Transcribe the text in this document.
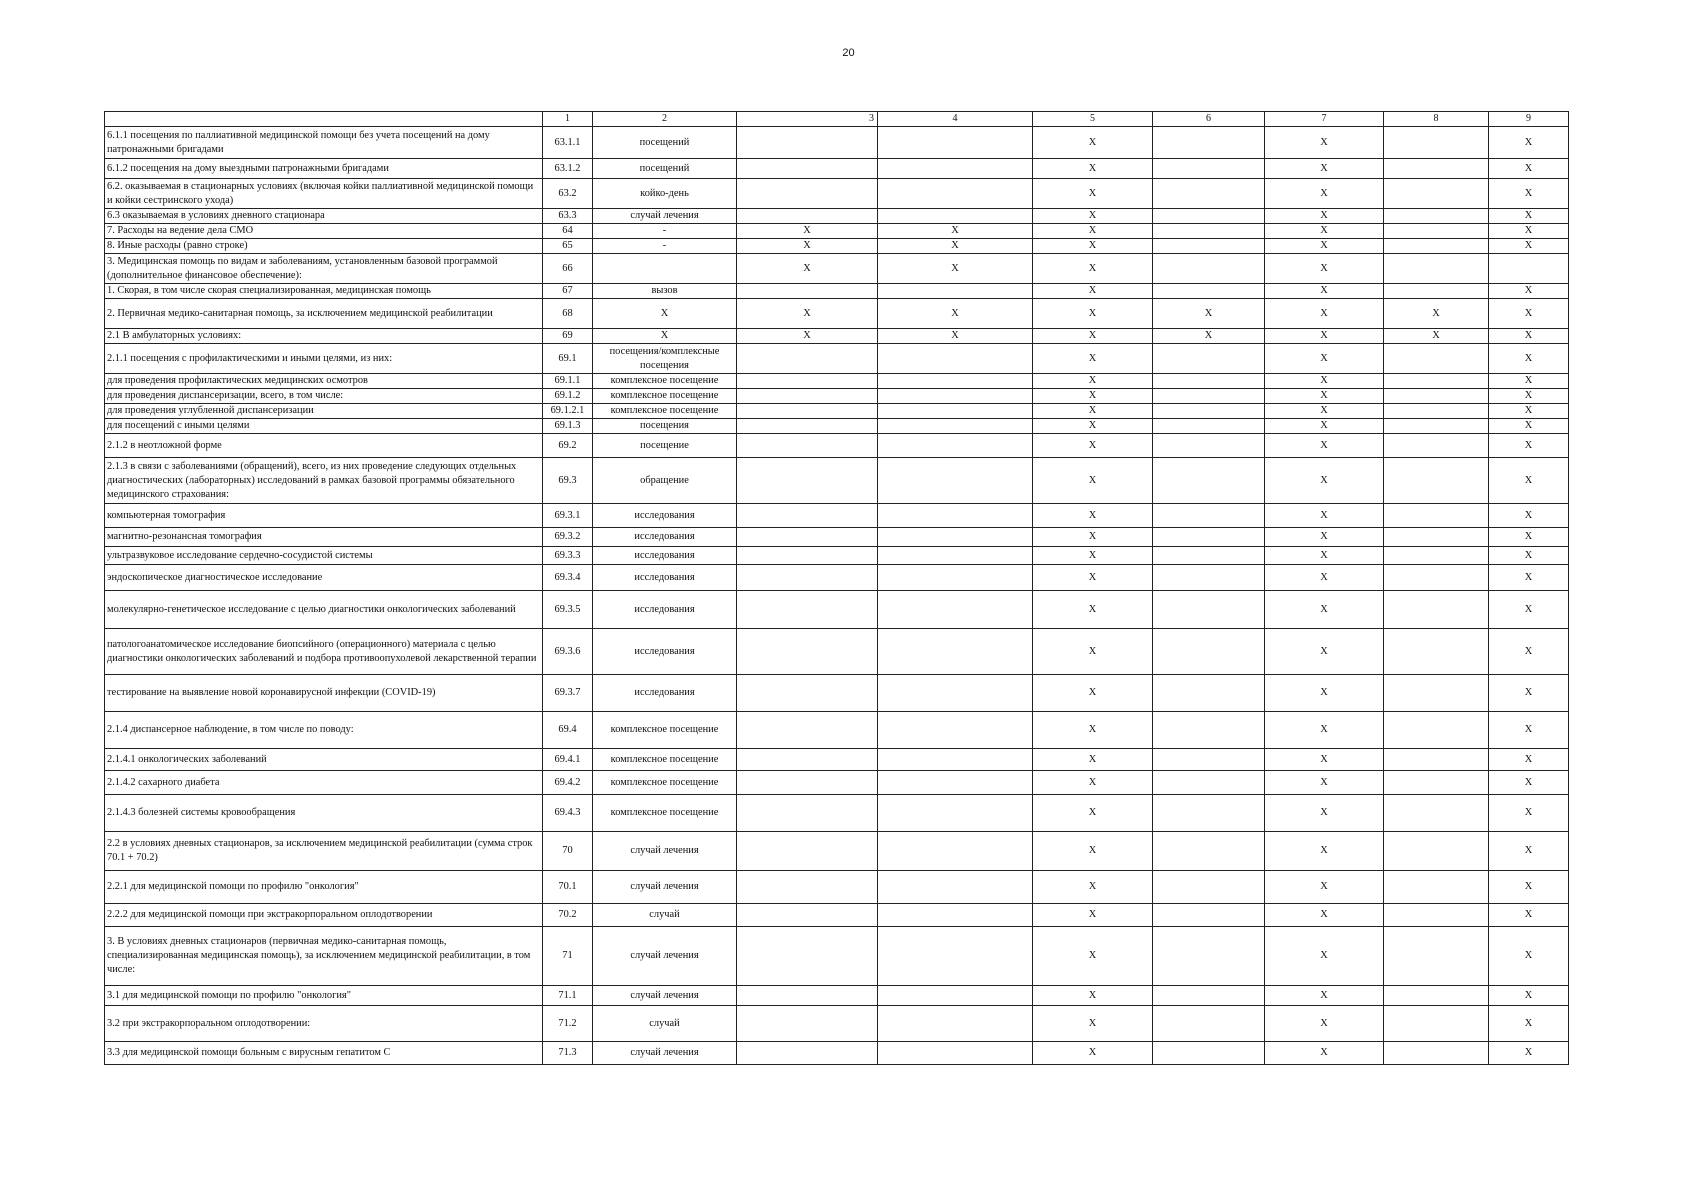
20
	1	2	3	4	5	6	7	8	9
6.1.1 посещения по паллиативной медицинской помощи без учета посещений на дому патронажными бригадами	63.1.1	посещений			X		X		X
6.1.2 посещения на дому выездными патронажными бригадами	63.1.2	посещений			X		X		X
6.2. оказываемая в стационарных условиях (включая койки паллиативной медицинской помощи и койки сестринского ухода)	63.2	койко-день			X		X		X
6.3 оказываемая в условиях дневного стационара	63.3	случай лечения			X		X		X
7. Расходы на ведение дела СМО	64	-	X	X	X		X		X
8. Иные расходы (равно строке)	65	-	X	X	X		X		X
3. Медицинская помощь по видам и заболеваниям, установленным базовой программой (дополнительное финансовое обеспечение):	66		X	X	X		X		
1. Скорая, в том числе скорая специализированная, медицинская помощь	67	вызов			X		X		X
2. Первичная медико-санитарная помощь, за исключением медицинской реабилитации	68	X	X	X	X	X	X	X	X
2.1 В амбулаторных условиях:	69	X	X	X	X	X	X	X	X
2.1.1 посещения с профилактическими и иными целями, из них:	69.1	посещения/комплексные посещения			X		X		X
для проведения профилактических медицинских осмотров	69.1.1	комплексное посещение			X		X		X
для проведения диспансеризации, всего, в том числе:	69.1.2	комплексное посещение			X		X		X
для проведения углубленной диспансеризации	69.1.2.1	комплексное посещение			X		X		X
для посещений с иными целями	69.1.3	посещения			X		X		X
2.1.2 в неотложной форме	69.2	посещение			X		X		X
2.1.3 в связи с заболеваниями (обращений), всего, из них проведение следующих отдельных диагностических (лабораторных) исследований в рамках базовой программы обязательного медицинского страхования:	69.3	обращение			X		X		X
компьютерная томография	69.3.1	исследования			X		X		X
магнитно-резонансная томография	69.3.2	исследования			X		X		X
ультразвуковое исследование сердечно-сосудистой системы	69.3.3	исследования			X		X		X
эндоскопическое диагностическое исследование	69.3.4	исследования			X		X		X
молекулярно-генетическое исследование с целью диагностики онкологических заболеваний	69.3.5	исследования			X		X		X
патологоанатомическое исследование биопсийного (операционного) материала с целью диагностики онкологических заболеваний и подбора противоопухолевой лекарственной терапии	69.3.6	исследования			X		X		X
тестирование на выявление новой коронавирусной инфекции (COVID-19)	69.3.7	исследования			X		X		X
2.1.4 диспансерное наблюдение, в том числе по поводу:	69.4	комплексное посещение			X		X		X
2.1.4.1 онкологических заболеваний	69.4.1	комплексное посещение			X		X		X
2.1.4.2 сахарного диабета	69.4.2	комплексное посещение			X		X		X
2.1.4.3 болезней системы кровообращения	69.4.3	комплексное посещение			X		X		X
2.2 в условиях дневных стационаров, за исключением медицинской реабилитации (сумма строк 70.1 + 70.2)	70	случай лечения			X		X		X
2.2.1 для медицинской помощи по профилю "онкология"	70.1	случай лечения			X		X		X
2.2.2 для медицинской помощи при экстракорпоральном оплодотворении	70.2	случай			X		X		X
3. В условиях дневных стационаров (первичная медико-санитарная помощь, специализированная медицинская помощь), за исключением медицинской реабилитации, в том числе:	71	случай лечения			X		X		X
3.1 для медицинской помощи по профилю "онкология"	71.1	случай лечения			X		X		X
3.2 при экстракорпоральном оплодотворении:	71.2	случай			X		X		X
3.3 для медицинской помощи больным с вирусным гепатитом С	71.3	случай лечения			X		X		X
